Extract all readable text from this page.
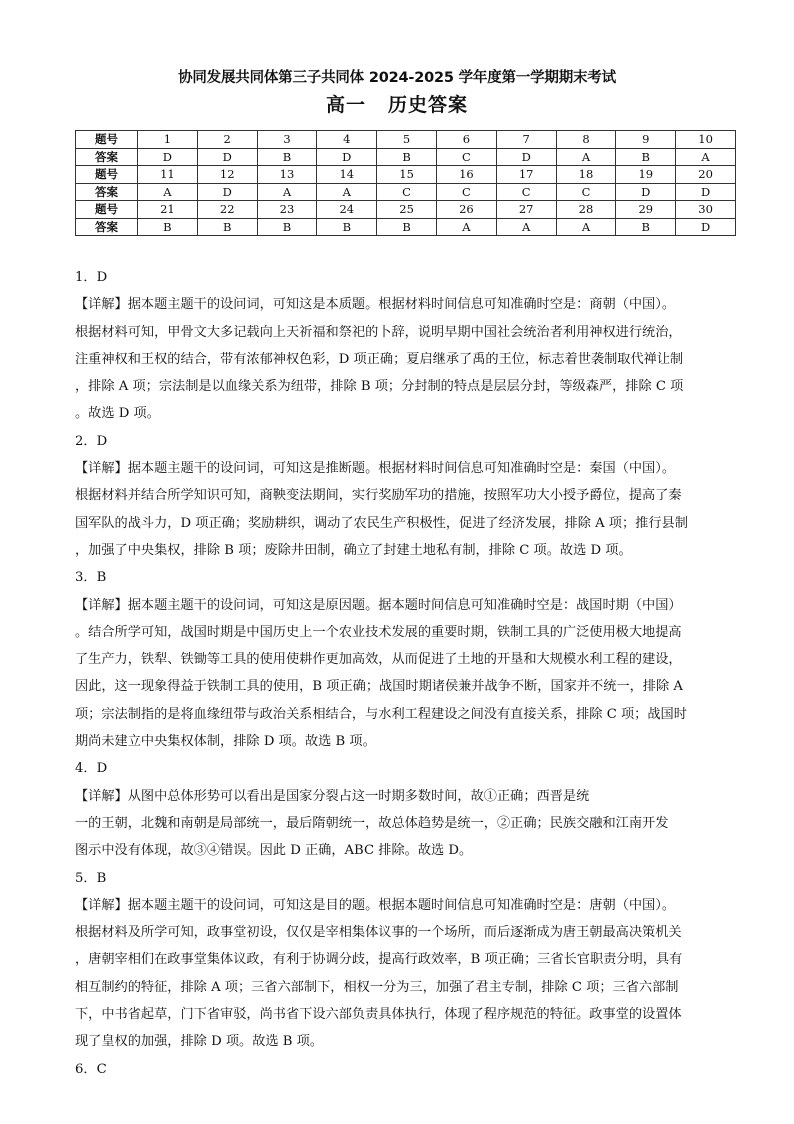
协同发展共同体第三子共同体 2024-2025 学年度第一学期期末考试
高一 历史答案
题号	1	2	3	4	5	6	7	8	9	10
答案	D	D	B	D	B	C	D	A	B	A
题号	11	12	13	14	15	16	17	18	19	20
答案	A	D	A	A	C	C	C	C	D	D
题号	21	22	23	24	25	26	27	28	29	30
答案	B	B	B	B	B	A	A	A	B	D
1．D
【详解】据本题主题干的设问词，可知这是本质题。根据材料时间信息可知准确时空是：商朝（中国）。
根据材料可知，甲骨文大多记载向上天祈福和祭祀的卜辞，说明早期中国社会统治者利用神权进行统治，
注重神权和王权的结合，带有浓郁神权色彩，D 项正确；夏启继承了禹的王位，标志着世袭制取代禅让制
，排除 A 项；宗法制是以血缘关系为纽带，排除 B 项；分封制的特点是层层分封，等级森严，排除 C 项
。故选 D 项。
2．D
【详解】据本题主题干的设问词，可知这是推断题。根据材料时间信息可知准确时空是：秦国（中国）。
根据材料并结合所学知识可知，商鞅变法期间，实行奖励军功的措施，按照军功大小授予爵位，提高了秦
国军队的战斗力，D 项正确；奖励耕织，调动了农民生产积极性，促进了经济发展，排除 A 项；推行县制
，加强了中央集权，排除 B 项；废除井田制，确立了封建土地私有制，排除 C 项。故选 D 项。
3．B
【详解】据本题主题干的设问词，可知这是原因题。据本题时间信息可知准确时空是：战国时期（中国）
。结合所学可知，战国时期是中国历史上一个农业技术发展的重要时期，铁制工具的广泛使用极大地提高
了生产力，铁犁、铁锄等工具的使用使耕作更加高效，从而促进了土地的开垦和大规模水利工程的建设，
因此，这一现象得益于铁制工具的使用，B 项正确；战国时期诸侯兼并战争不断，国家并不统一，排除 A
项；宗法制指的是将血缘纽带与政治关系相结合，与水利工程建设之间没有直接关系，排除 C 项；战国时
期尚未建立中央集权体制，排除 D 项。故选 B 项。
4．D
【详解】从图中总体形势可以看出是国家分裂占这一时期多数时间，故①正确；西晋是统
一的王朝，北魏和南朝是局部统一，最后隋朝统一，故总体趋势是统一，②正确；民族交融和江南开发
图示中没有体现，故③④错误。因此 D 正确，ABC 排除。故选 D。
5．B
【详解】据本题主题干的设问词，可知这是目的题。根据本题时间信息可知准确时空是：唐朝（中国）。
根据材料及所学可知，政事堂初设，仅仅是宰相集体议事的一个场所，而后逐渐成为唐王朝最高决策机关
，唐朝宰相们在政事堂集体议政，有利于协调分歧，提高行政效率，B 项正确；三省长官职责分明，具有
相互制约的特征，排除 A 项；三省六部制下，相权一分为三，加强了君主专制，排除 C 项；三省六部制
下，中书省起草，门下省审驳，尚书省下设六部负责具体执行，体现了程序规范的特征。政事堂的设置体
现了皇权的加强，排除 D 项。故选 B 项。
6．C
